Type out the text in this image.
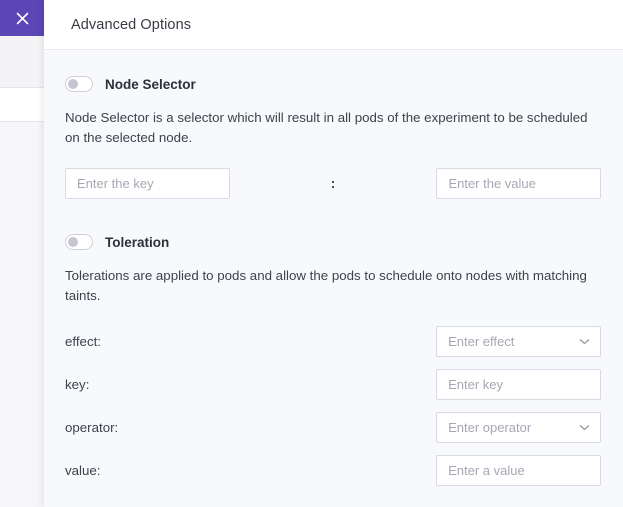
Advanced Options
Node Selector

Node Selector is a selector which will result in all pods of the experiment to be scheduled on the selected node.

Enter the key	:	Enter the value
Toleration

Tolerations are applied to pods and allow the pods to schedule onto nodes with matching taints.

effect:	Enter effect
key:	Enter key
operator:	Enter operator
value:	Enter a value
